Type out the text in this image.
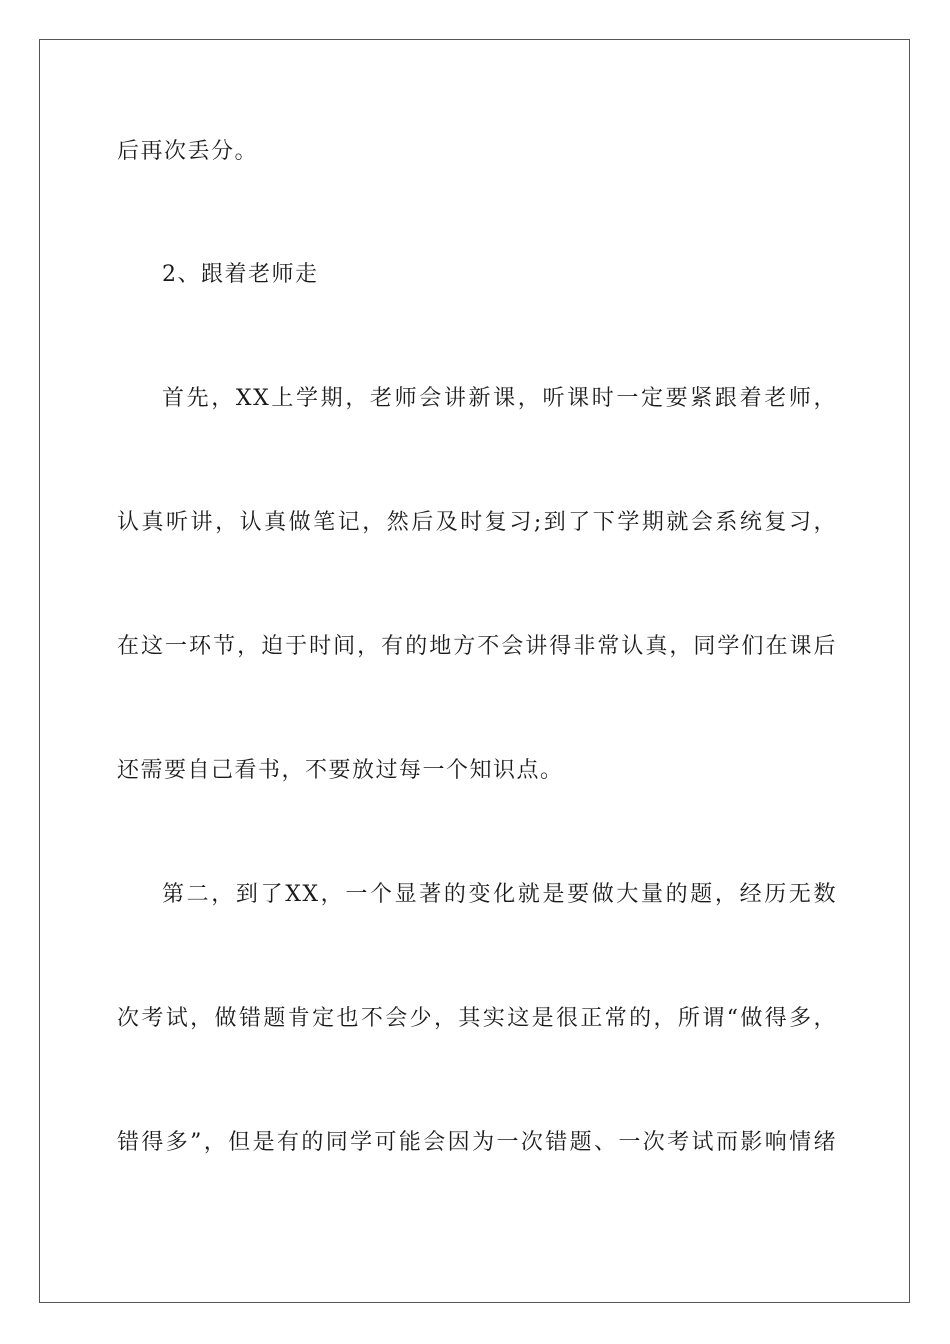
后再次丢分。
2、跟着老师走
首先，XX上学期，老师会讲新课，听课时一定要紧跟着老师，
认真听讲，认真做笔记，然后及时复习;到了下学期就会系统复习，
在这一环节，迫于时间，有的地方不会讲得非常认真，同学们在课后
还需要自己看书，不要放过每一个知识点。
第二，到了XX，一个显著的变化就是要做大量的题，经历无数
次考试，做错题肯定也不会少，其实这是很正常的，所谓“做得多，
错得多”，但是有的同学可能会因为一次错题、一次考试而影响情绪
